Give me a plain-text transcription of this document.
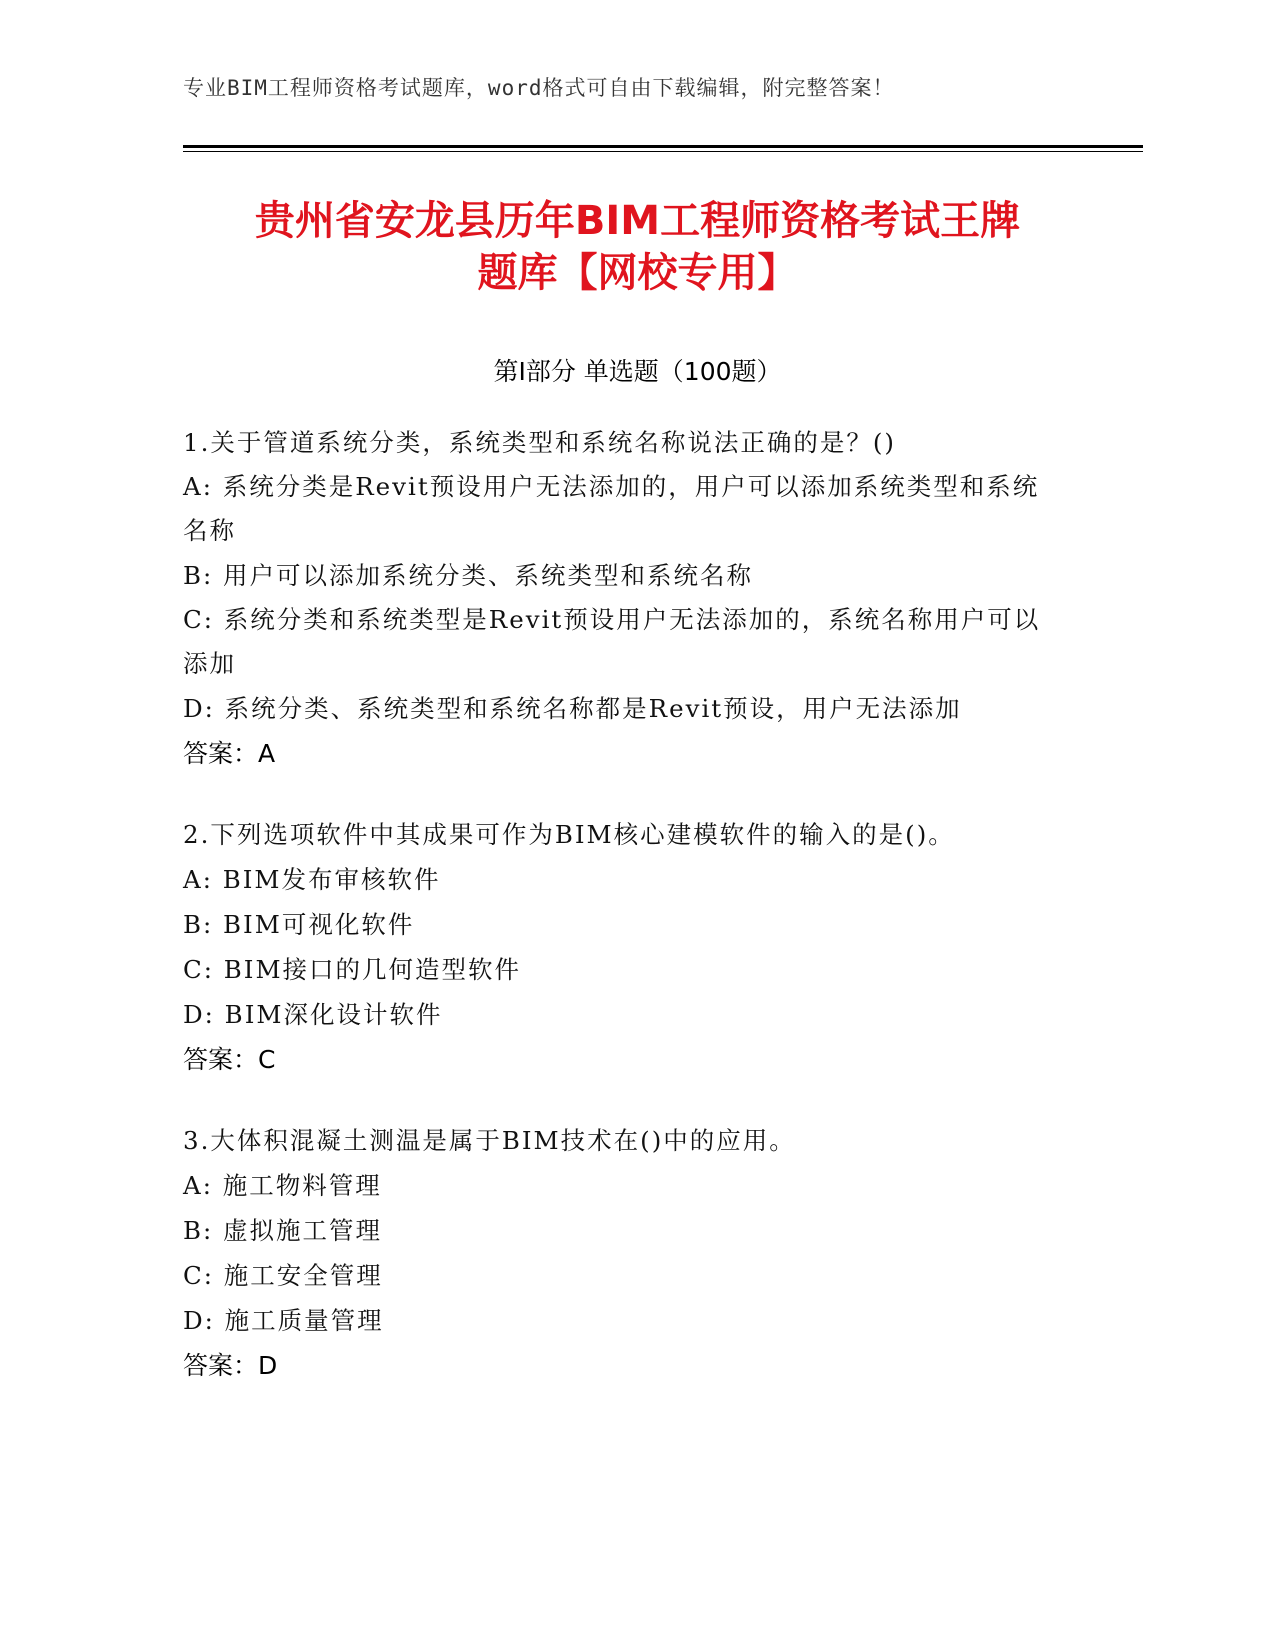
专业BIM工程师资格考试题库，word格式可自由下载编辑，附完整答案！
贵州省安龙县历年BIM工程师资格考试王牌
题库【网校专用】
第Ⅰ部分 单选题（100题）
1.关于管道系统分类，系统类型和系统名称说法正确的是？()
A: 系统分类是Revit预设用户无法添加的，用户可以添加系统类型和系统名称
B: 用户可以添加系统分类、系统类型和系统名称
C: 系统分类和系统类型是Revit预设用户无法添加的，系统名称用户可以添加
D: 系统分类、系统类型和系统名称都是Revit预设，用户无法添加
答案：A
2.下列选项软件中其成果可作为BIM核心建模软件的输入的是()。
A: BIM发布审核软件
B: BIM可视化软件
C: BIM接口的几何造型软件
D: BIM深化设计软件
答案：C
3.大体积混凝土测温是属于BIM技术在()中的应用。
A: 施工物料管理
B: 虚拟施工管理
C: 施工安全管理
D: 施工质量管理
答案：D
